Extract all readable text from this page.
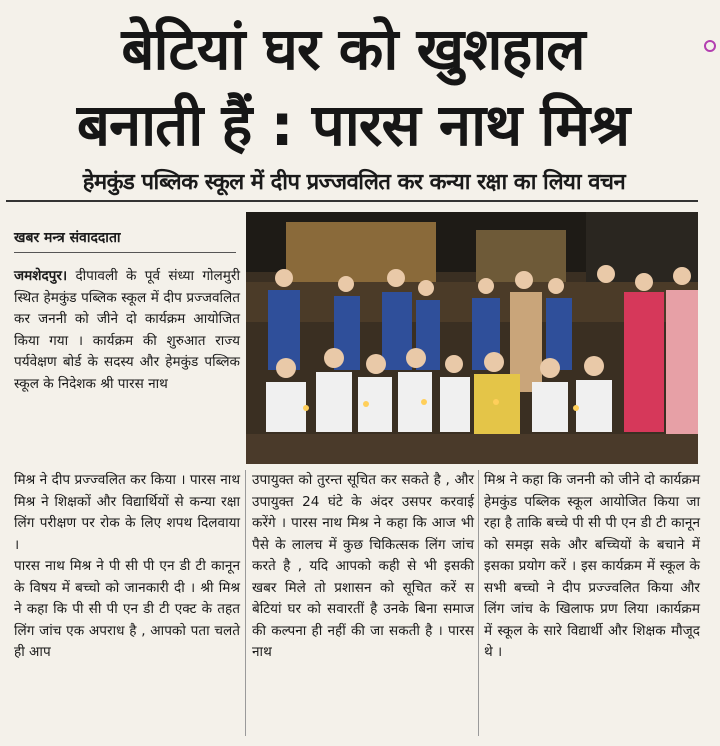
बेटियां घर को खुशहाल
बनाती हैं : पारस नाथ मिश्र
हेमकुंड पब्लिक स्कूल में दीप प्रज्जवलित कर कन्या रक्षा का लिया वचन
खबर मन्त्र संवाददाता

जमशेदपुर। दीपावली के पूर्व संध्या गोलमुरी स्थित हेमकुंड पब्लिक स्कूल में दीप प्रज्जवलित कर जननी को जीने दो कार्यक्रम आयोजित किया गया । कार्यक्रम की शुरुआत राज्य पर्यवेक्षण बोर्ड के सदस्य और हेमकुंड पब्लिक स्कूल के निदेशक श्री पारस नाथ

मिश्र ने दीप प्रज्ज्वलित कर किया । पारस नाथ मिश्र ने शिक्षकों और विद्यार्थियों से कन्या रक्षा लिंग परीक्षण पर रोक के लिए शपथ दिलवाया ।

पारस नाथ मिश्र ने पी सी पी एन डी टी कानून के विषय में बच्चो को जानकारी दी । श्री मिश्र ने कहा कि पी सी पी एन डी टी एक्ट के तहत लिंग जांच एक अपराध है , आपको पता चलते ही आप

उपायुक्त को तुरन्त सूचित कर सकते है , और उपायुक्त 24 घंटे के अंदर उसपर करवाई करेंगे । पारस नाथ मिश्र ने कहा कि आज भी पैसे के लालच में कुछ चिकित्सक लिंग जांच करते है , यदि आपको कही से भी इसकी खबर मिले तो प्रशासन को सूचित करें स बेटियां घर को सवारतीं है उनके बिना समाज की कल्पना ही नहीं की जा सकती है । पारस नाथ

मिश्र ने कहा कि जननी को जीने दो कार्यक्रम हेमकुंड पब्लिक स्कूल आयोजित किया जा रहा है ताकि बच्चे पी सी पी एन डी टी कानून को समझ सके और बच्चियों के बचाने में इसका प्रयोग करें । इस कार्यक्रम में स्कूल के सभी बच्चो ने दीप प्रज्ज्वलित किया और लिंग जांच के खिलाफ प्रण लिया ।कार्यक्रम में स्कूल के सारे विद्यार्थी और शिक्षक मौजूद थे ।
